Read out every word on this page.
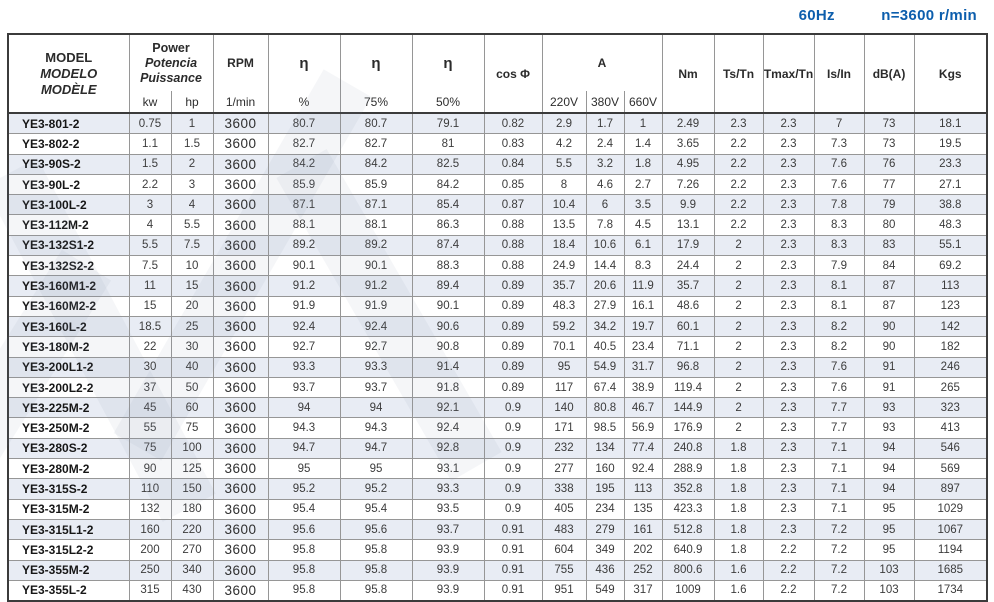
60Hz	n=3600 r/min
MODEL
MODELO
MODÈLE	Power
Potencia
Puissance		RPM	η	η	η	cos Φ	A			Nm	Ts/Tn	Tmax/Tn	Is/In	dB(A)	Kgs
	kw	hp	1/min	%	75%	50%		220V	380V	660V						
YE3-801-2	0.75	1	3600	80.7	80.7	79.1	0.82	2.9	1.7	1	2.49	2.3	2.3	7	73	18.1
YE3-802-2	1.1	1.5	3600	82.7	82.7	81	0.83	4.2	2.4	1.4	3.65	2.2	2.3	7.3	73	19.5
YE3-90S-2	1.5	2	3600	84.2	84.2	82.5	0.84	5.5	3.2	1.8	4.95	2.2	2.3	7.6	76	23.3
YE3-90L-2	2.2	3	3600	85.9	85.9	84.2	0.85	8	4.6	2.7	7.26	2.2	2.3	7.6	77	27.1
YE3-100L-2	3	4	3600	87.1	87.1	85.4	0.87	10.4	6	3.5	9.9	2.2	2.3	7.8	79	38.8
YE3-112M-2	4	5.5	3600	88.1	88.1	86.3	0.88	13.5	7.8	4.5	13.1	2.2	2.3	8.3	80	48.3
YE3-132S1-2	5.5	7.5	3600	89.2	89.2	87.4	0.88	18.4	10.6	6.1	17.9	2	2.3	8.3	83	55.1
YE3-132S2-2	7.5	10	3600	90.1	90.1	88.3	0.88	24.9	14.4	8.3	24.4	2	2.3	7.9	84	69.2
YE3-160M1-2	11	15	3600	91.2	91.2	89.4	0.89	35.7	20.6	11.9	35.7	2	2.3	8.1	87	113
YE3-160M2-2	15	20	3600	91.9	91.9	90.1	0.89	48.3	27.9	16.1	48.6	2	2.3	8.1	87	123
YE3-160L-2	18.5	25	3600	92.4	92.4	90.6	0.89	59.2	34.2	19.7	60.1	2	2.3	8.2	90	142
YE3-180M-2	22	30	3600	92.7	92.7	90.8	0.89	70.1	40.5	23.4	71.1	2	2.3	8.2	90	182
YE3-200L1-2	30	40	3600	93.3	93.3	91.4	0.89	95	54.9	31.7	96.8	2	2.3	7.6	91	246
YE3-200L2-2	37	50	3600	93.7	93.7	91.8	0.89	117	67.4	38.9	119.4	2	2.3	7.6	91	265
YE3-225M-2	45	60	3600	94	94	92.1	0.9	140	80.8	46.7	144.9	2	2.3	7.7	93	323
YE3-250M-2	55	75	3600	94.3	94.3	92.4	0.9	171	98.5	56.9	176.9	2	2.3	7.7	93	413
YE3-280S-2	75	100	3600	94.7	94.7	92.8	0.9	232	134	77.4	240.8	1.8	2.3	7.1	94	546
YE3-280M-2	90	125	3600	95	95	93.1	0.9	277	160	92.4	288.9	1.8	2.3	7.1	94	569
YE3-315S-2	110	150	3600	95.2	95.2	93.3	0.9	338	195	113	352.8	1.8	2.3	7.1	94	897
YE3-315M-2	132	180	3600	95.4	95.4	93.5	0.9	405	234	135	423.3	1.8	2.3	7.1	95	1029
YE3-315L1-2	160	220	3600	95.6	95.6	93.7	0.91	483	279	161	512.8	1.8	2.3	7.2	95	1067
YE3-315L2-2	200	270	3600	95.8	95.8	93.9	0.91	604	349	202	640.9	1.8	2.2	7.2	95	1194
YE3-355M-2	250	340	3600	95.8	95.8	93.9	0.91	755	436	252	800.6	1.6	2.2	7.2	103	1685
YE3-355L-2	315	430	3600	95.8	95.8	93.9	0.91	951	549	317	1009	1.6	2.2	7.2	103	1734
